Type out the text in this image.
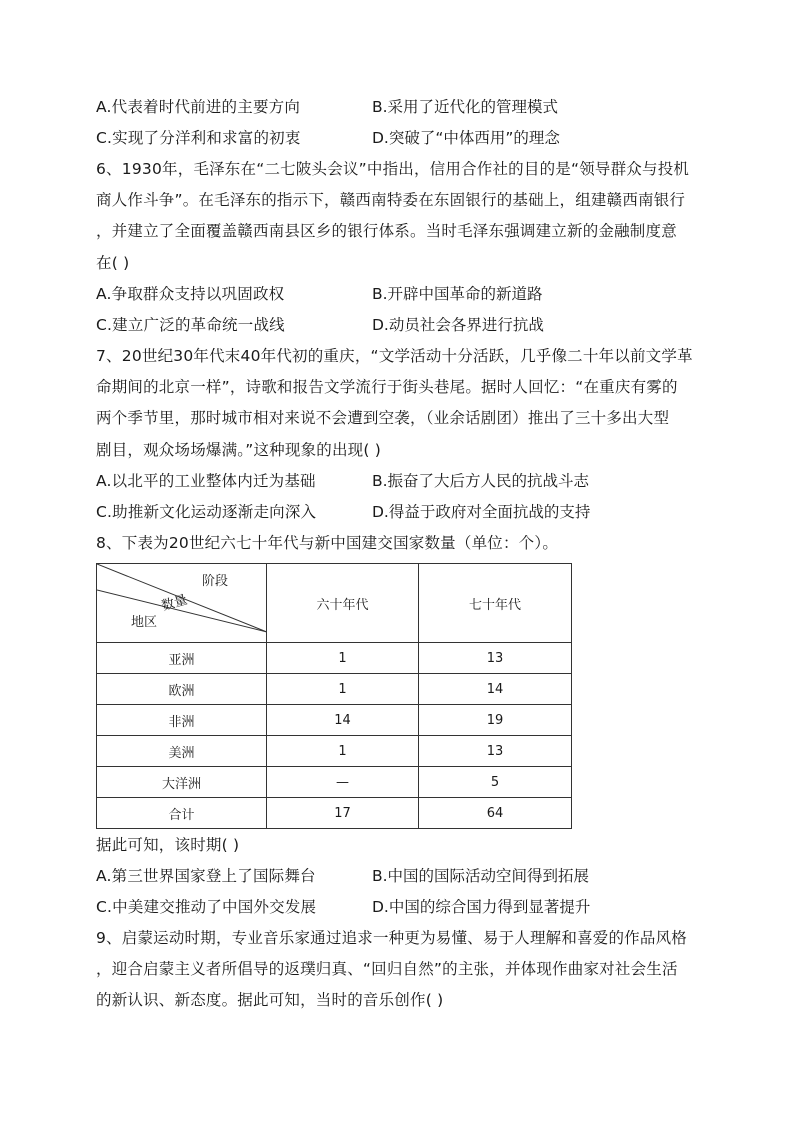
A.代表着时代前进的主要方向	B.采用了近代化的管理模式
C.实现了分洋利和求富的初衷	D.突破了“中体西用”的理念
6、1930年，毛泽东在“二七陂头会议”中指出，信用合作社的目的是“领导群众与投机
商人作斗争”。在毛泽东的指示下，赣西南特委在东固银行的基础上，组建赣西南银行
，并建立了全面覆盖赣西南县区乡的银行体系。当时毛泽东强调建立新的金融制度意
在( )
A.争取群众支持以巩固政权	B.开辟中国革命的新道路
C.建立广泛的革命统一战线	D.动员社会各界进行抗战
7、20世纪30年代末40年代初的重庆，“文学活动十分活跃，几乎像二十年以前文学革
命期间的北京一样”，诗歌和报告文学流行于街头巷尾。据时人回忆：“在重庆有雾的
两个季节里，那时城市相对来说不会遭到空袭，（业余话剧团）推出了三十多出大型
剧目，观众场场爆满。”这种现象的出现( )
A.以北平的工业整体内迁为基础	B.振奋了大后方人民的抗战斗志
C.助推新文化运动逐渐走向深入	D.得益于政府对全面抗战的支持
8、下表为20世纪六七十年代与新中国建交国家数量（单位：个）。
阶段
数量
地区	六十年代	七十年代
亚洲	1	13
欧洲	1	14
非洲	14	19
美洲	1	13
大洋洲	—	5
合计	17	64
据此可知，该时期( )
A.第三世界国家登上了国际舞台	B.中国的国际活动空间得到拓展
C.中美建交推动了中国外交发展	D.中国的综合国力得到显著提升
9、启蒙运动时期，专业音乐家通过追求一种更为易懂、易于人理解和喜爱的作品风格
，迎合启蒙主义者所倡导的返璞归真、“回归自然”的主张，并体现作曲家对社会生活
的新认识、新态度。据此可知，当时的音乐创作( )
